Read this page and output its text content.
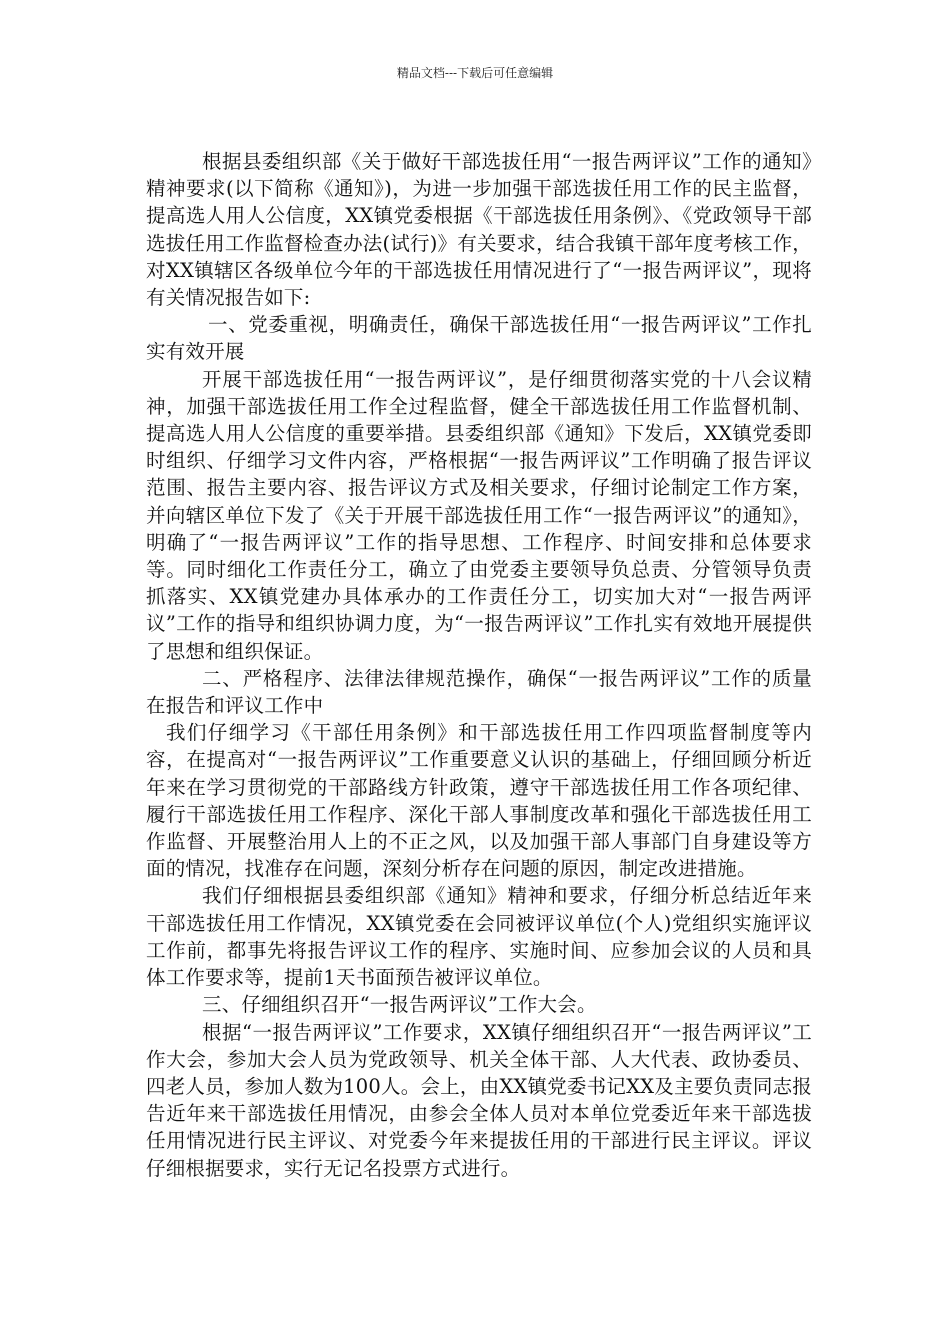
精品文档---下载后可任意编辑

根据县委组织部《关于做好干部选拔任用“一报告两评议”工作的通知》精神要求(以下简称《通知》)，为进一步加强干部选拔任用工作的民主监督，提高选人用人公信度，XX镇党委根据《干部选拔任用条例》、《党政领导干部选拔任用工作监督检查办法(试行)》有关要求，结合我镇干部年度考核工作，对XX镇辖区各级单位今年的干部选拔任用情况进行了“一报告两评议”，现将有关情况报告如下:

一、党委重视，明确责任，确保干部选拔任用“一报告两评议”工作扎实有效开展

开展干部选拔任用“一报告两评议”，是仔细贯彻落实党的十八会议精神，加强干部选拔任用工作全过程监督，健全干部选拔任用工作监督机制、提高选人用人公信度的重要举措。县委组织部《通知》下发后，XX镇党委即时组织、仔细学习文件内容，严格根据“一报告两评议”工作明确了报告评议范围、报告主要内容、报告评议方式及相关要求，仔细讨论制定工作方案，并向辖区单位下发了《关于开展干部选拔任用工作“一报告两评议”的通知》，明确了“一报告两评议”工作的指导思想、工作程序、时间安排和总体要求等。同时细化工作责任分工，确立了由党委主要领导负总责、分管领导负责抓落实、XX镇党建办具体承办的工作责任分工，切实加大对“一报告两评议”工作的指导和组织协调力度，为“一报告两评议”工作扎实有效地开展提供了思想和组织保证。

二、严格程序、法律法律规范操作，确保“一报告两评议”工作的质量在报告和评议工作中

我们仔细学习《干部任用条例》和干部选拔任用工作四项监督制度等内容，在提高对“一报告两评议”工作重要意义认识的基础上，仔细回顾分析近年来在学习贯彻党的干部路线方针政策，遵守干部选拔任用工作各项纪律、履行干部选拔任用工作程序、深化干部人事制度改革和强化干部选拔任用工作监督、开展整治用人上的不正之风，以及加强干部人事部门自身建设等方面的情况，找准存在问题，深刻分析存在问题的原因，制定改进措施。

我们仔细根据县委组织部《通知》精神和要求，仔细分析总结近年来干部选拔任用工作情况，XX镇党委在会同被评议单位(个人)党组织实施评议工作前，都事先将报告评议工作的程序、实施时间、应参加会议的人员和具体工作要求等，提前1天书面预告被评议单位。

三、仔细组织召开“一报告两评议”工作大会。

根据“一报告两评议”工作要求，XX镇仔细组织召开“一报告两评议”工作大会，参加大会人员为党政领导、机关全体干部、人大代表、政协委员、四老人员，参加人数为100人。会上，由XX镇党委书记XX及主要负责同志报告近年来干部选拔任用情况，由参会全体人员对本单位党委近年来干部选拔任用情况进行民主评议、对党委今年来提拔任用的干部进行民主评议。评议仔细根据要求，实行无记名投票方式进行。
